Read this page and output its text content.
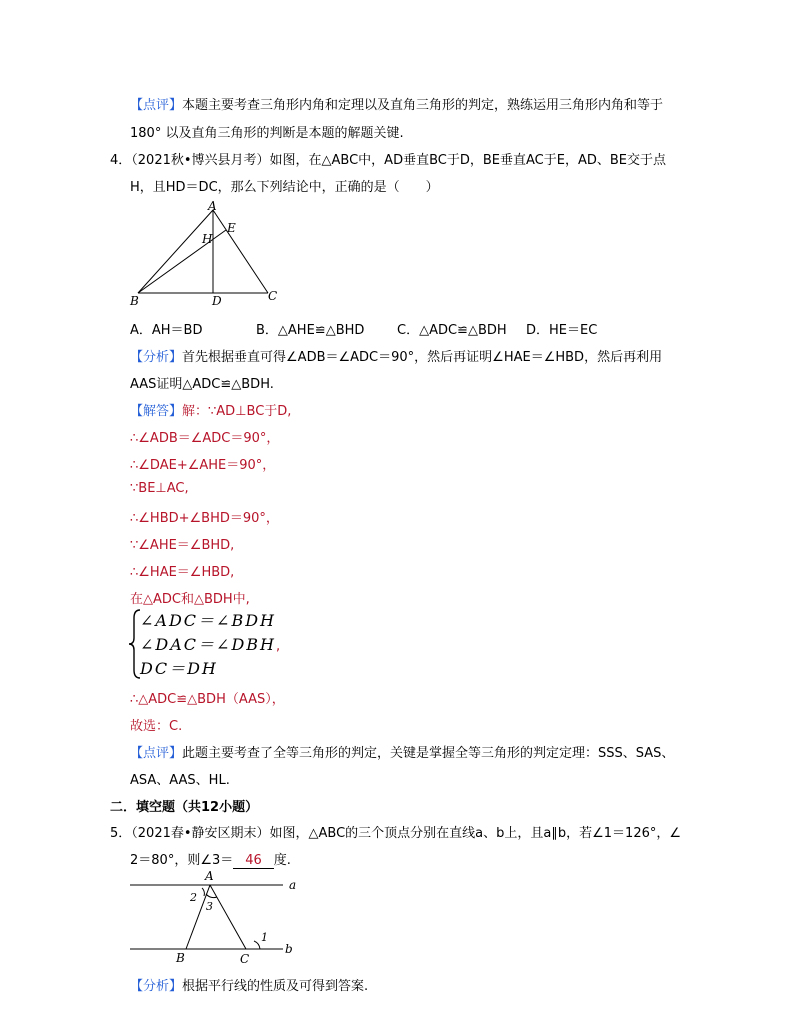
【点评】本题主要考查三角形内角和定理以及直角三角形的判定，熟练运用三角形内角和等于
180° 以及直角三角形的判断是本题的解题关键.
4．（2021秋•博兴县月考）如图，在△ABC中，AD垂直BC于D，BE垂直AC于E，AD、BE交于点
H，且HD＝DC，那么下列结论中，正确的是（　　）
A
H
E
B	D	C
A．AH＝BD	B．△AHE≌△BHD	C．△ADC≌△BDH D．HE＝EC
【分析】首先根据垂直可得∠ADB＝∠ADC＝90°，然后再证明∠HAE＝∠HBD，然后再利用
AAS证明△ADC≌△BDH.
【解答】解：∵AD⊥BC于D,
∴∠ADB＝∠ADC＝90°，
∴∠DAE+∠AHE＝90°，
∵BE⊥AC,
∴∠HBD+∠BHD＝90°，
∵∠AHE＝∠BHD,
∴∠HAE＝∠HBD,
在△ADC和△BDH中,
∠ADC＝∠BDH
∠DAC＝∠DBH,
DC＝DH
∴△ADC≌△BDH（AAS），
故选：C.
【点评】此题主要考查了全等三角形的判定，关键是掌握全等三角形的判定定理：SSS、SAS、
ASA、AAS、HL.
二．填空题（共12小题）
5．（2021春•静安区期末）如图，△ABC的三个顶点分别在直线a、b上，且a∥b，若∠1＝126°，∠
2＝80°，则∠3＝ 46 度.
A
a
2
3
1
B	C
b
【分析】根据平行线的性质及可得到答案.
